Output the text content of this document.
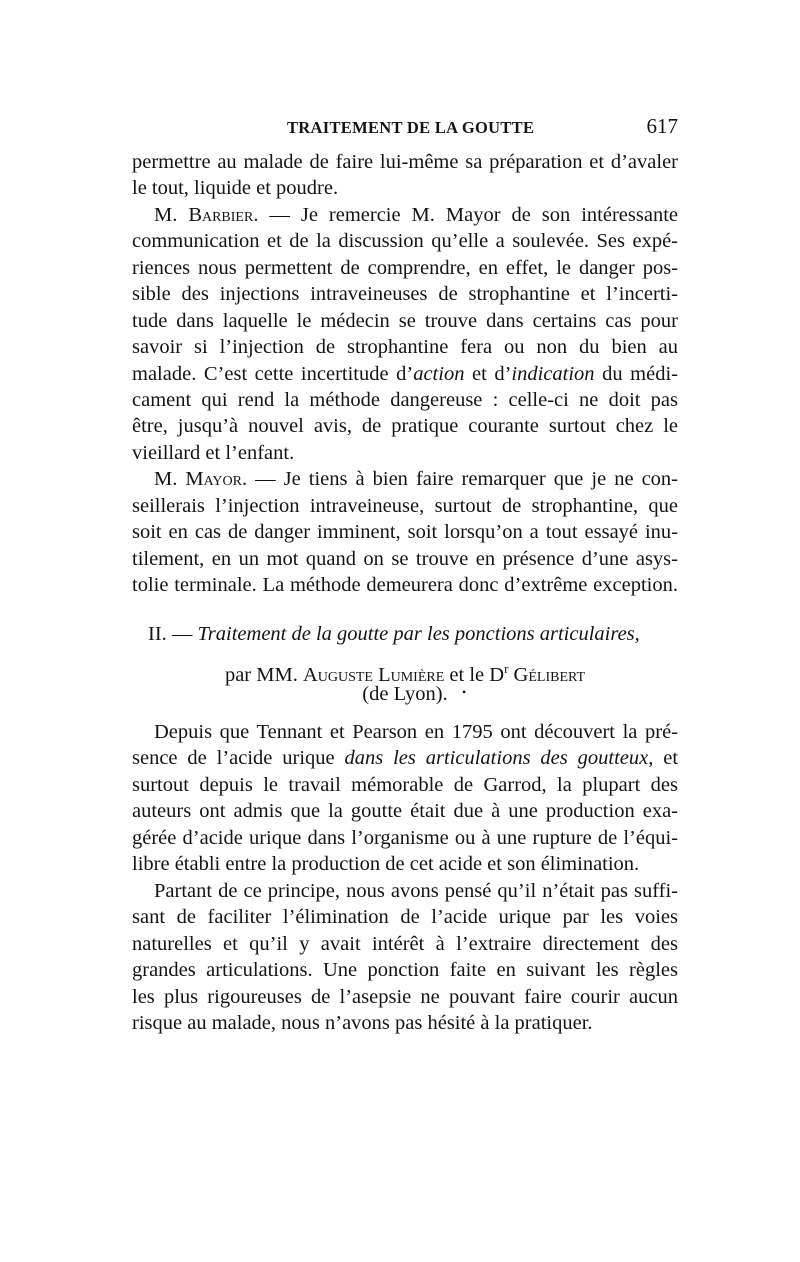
TRAITEMENT DE LA GOUTTE	617
permettre au malade de faire lui-même sa préparation et d’avaler
le tout, liquide et poudre.
M. Barbier. — Je remercie M. Mayor de son intéressante
communication et de la discussion qu’elle a soulevée. Ses expé-
riences nous permettent de comprendre, en effet, le danger pos-
sible des injections intraveineuses de strophantine et l’incerti-
tude dans laquelle le médecin se trouve dans certains cas pour
savoir si l’injection de strophantine fera ou non du bien au
malade. C’est cette incertitude d’action et d’indication du médi-
cament qui rend la méthode dangereuse : celle-ci ne doit pas
être, jusqu’à nouvel avis, de pratique courante surtout chez le
vieillard et l’enfant.
M. Mayor. — Je tiens à bien faire remarquer que je ne con-
seillerais l’injection intraveineuse, surtout de strophantine, que
soit en cas de danger imminent, soit lorsqu’on a tout essayé inu-
tilement, en un mot quand on se trouve en présence d’une asys-
tolie terminale. La méthode demeurera donc d’extrême exception.
II. — Traitement de la goutte par les ponctions articulaires,
par MM. Auguste Lumière et le $D^r$ Gélibert
(de Lyon).	•
Depuis que Tennant et Pearson en 1795 ont découvert la pré-
sence de l’acide urique dans les articulations des goutteux, et
surtout depuis le travail mémorable de Garrod, la plupart des
auteurs ont admis que la goutte était due à une production exa-
gérée d’acide urique dans l’organisme ou à une rupture de l’équi-
libre établi entre la production de cet acide et son élimination.
Partant de ce principe, nous avons pensé qu’il n’était pas suffi-
sant de faciliter l’élimination de l’acide urique par les voies
naturelles et qu’il y avait intérêt à l’extraire directement des
grandes articulations. Une ponction faite en suivant les règles
les plus rigoureuses de l’asepsie ne pouvant faire courir aucun
risque au malade, nous n’avons pas hésité à la pratiquer.
